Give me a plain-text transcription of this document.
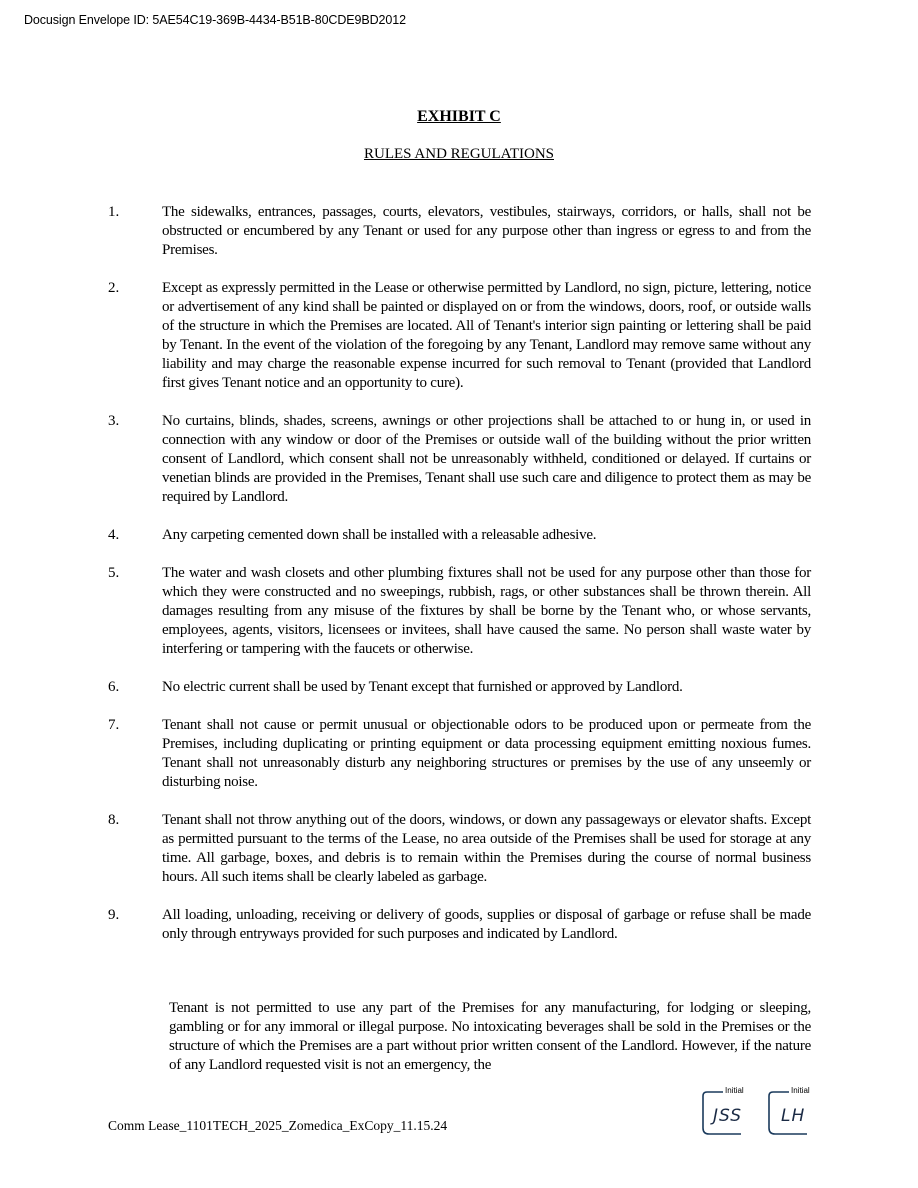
Docusign Envelope ID: 5AE54C19-369B-4434-B51B-80CDE9BD2012
EXHIBIT C
RULES AND REGULATIONS
1.	The sidewalks, entrances, passages, courts, elevators, vestibules, stairways, corridors, or halls, shall not be obstructed or encumbered by any Tenant or used for any purpose other than ingress or egress to and from the Premises.
2.	Except as expressly permitted in the Lease or otherwise permitted by Landlord, no sign, picture, lettering, notice or advertisement of any kind shall be painted or displayed on or from the windows, doors, roof, or outside walls of the structure in which the Premises are located. All of Tenant's interior sign painting or lettering shall be paid by Tenant. In the event of the violation of the foregoing by any Tenant, Landlord may remove same without any liability and may charge the reasonable expense incurred for such removal to Tenant (provided that Landlord first gives Tenant notice and an opportunity to cure).
3.	No curtains, blinds, shades, screens, awnings or other projections shall be attached to or hung in, or used in connection with any window or door of the Premises or outside wall of the building without the prior written consent of Landlord, which consent shall not be unreasonably withheld, conditioned or delayed. If curtains or venetian blinds are provided in the Premises, Tenant shall use such care and diligence to protect them as may be required by Landlord.
4.	Any carpeting cemented down shall be installed with a releasable adhesive.
5.	The water and wash closets and other plumbing fixtures shall not be used for any purpose other than those for which they were constructed and no sweepings, rubbish, rags, or other substances shall be thrown therein. All damages resulting from any misuse of the fixtures by shall be borne by the Tenant who, or whose servants, employees, agents, visitors, licensees or invitees, shall have caused the same. No person shall waste water by interfering or tampering with the faucets or otherwise.
6.	No electric current shall be used by Tenant except that furnished or approved by Landlord.
7.	Tenant shall not cause or permit unusual or objectionable odors to be produced upon or permeate from the Premises, including duplicating or printing equipment or data processing equipment emitting noxious fumes. Tenant shall not unreasonably disturb any neighboring structures or premises by the use of any unseemly or disturbing noise.
8.	Tenant shall not throw anything out of the doors, windows, or down any passageways or elevator shafts. Except as permitted pursuant to the terms of the Lease, no area outside of the Premises shall be used for storage at any time. All garbage, boxes, and debris is to remain within the Premises during the course of normal business hours. All such items shall be clearly labeled as garbage.
9.	All loading, unloading, receiving or delivery of goods, supplies or disposal of garbage or refuse shall be made only through entryways provided for such purposes and indicated by Landlord.
Tenant is not permitted to use any part of the Premises for any manufacturing, for lodging or sleeping, gambling or for any immoral or illegal purpose. No intoxicating beverages shall be sold in the Premises or the structure of which the Premises are a part without prior written consent of the Landlord. However, if the nature of any Landlord requested visit is not an emergency, the
Comm Lease_1101TECH_2025_Zomedica_ExCopy_11.15.24
Initial
JSS
Initial
LH
